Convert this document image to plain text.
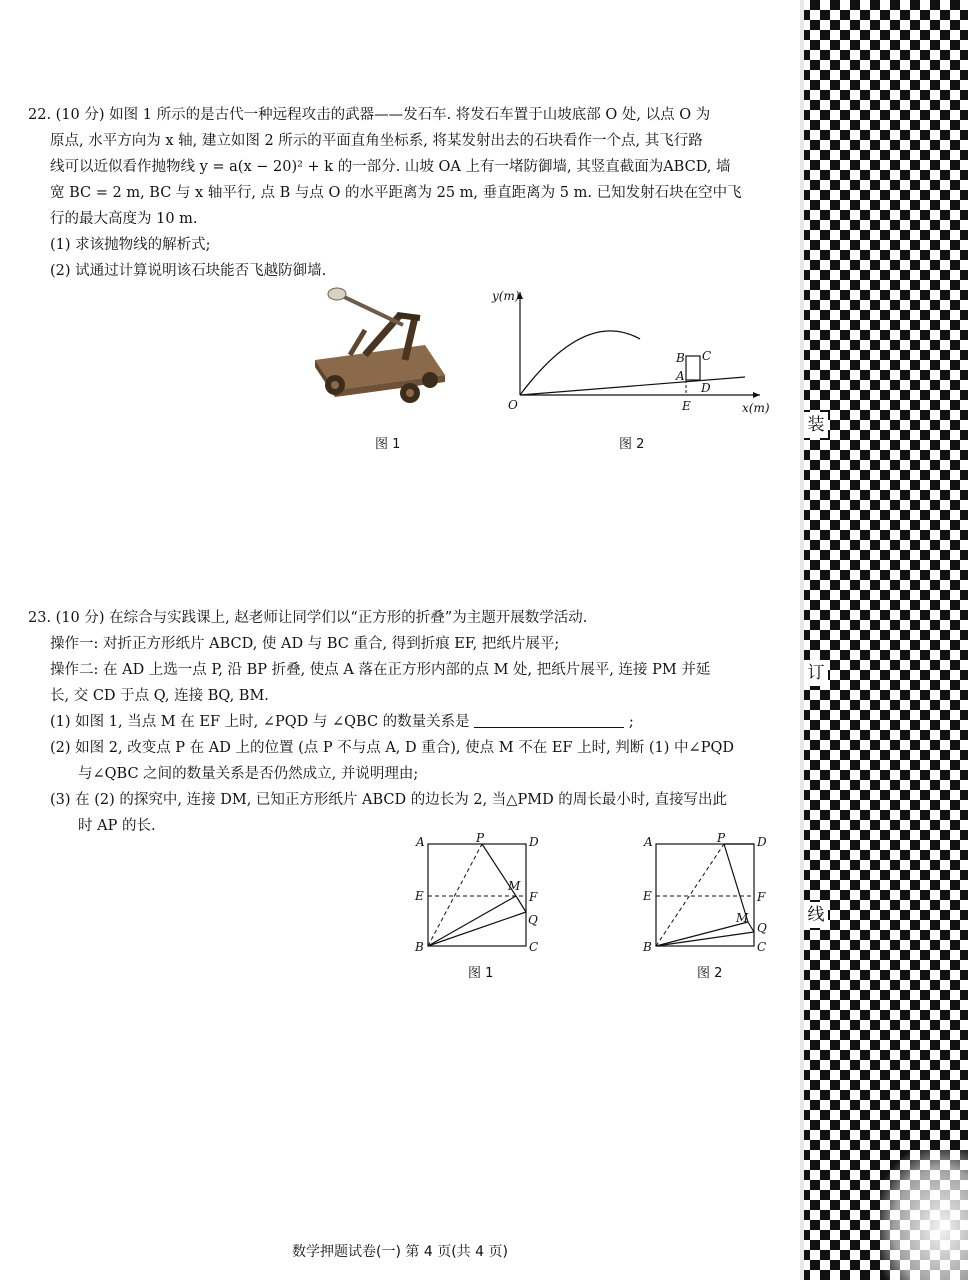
装
订
线

22. (10 分) 如图 1 所示的是古代一种远程攻击的武器——发石车. 将发石车置于山坡底部 O 处, 以点 O 为

原点, 水平方向为 x 轴, 建立如图 2 所示的平面直角坐标系, 将某发射出去的石块看作一个点, 其飞行路

线可以近似看作抛物线 y = a(x − 20)² + k 的一部分. 山坡 OA 上有一堵防御墙, 其竖直截面为ABCD, 墙

宽 BC = 2 m, BC 与 x 轴平行, 点 B 与点 O 的水平距离为 25 m, 垂直距离为 5 m. 已知发射石块在空中飞

行的最大高度为 10 m.

(1) 求该抛物线的解析式;

(2) 试通过计算说明该石块能否飞越防御墙.

图 1
y(m)
x(m)
O
B C
A
D
E
图 2

23. (10 分) 在综合与实践课上, 赵老师让同学们以“正方形的折叠”为主题开展数学活动.

操作一: 对折正方形纸片 ABCD, 使 AD 与 BC 重合, 得到折痕 EF, 把纸片展平;

操作二: 在 AD 上选一点 P, 沿 BP 折叠, 使点 A 落在正方形内部的点 M 处, 把纸片展平, 连接 PM 并延

长, 交 CD 于点 Q, 连接 BQ, BM.

(1) 如图 1, 当点 M 在 EF 上时, ∠PQD 与 ∠QBC 的数量关系是	;

(2) 如图 2, 改变点 P 在 AD 上的位置 (点 P 不与点 A, D 重合), 使点 M 不在 EF 上时, 判断 (1) 中∠PQD

与∠QBC 之间的数量关系是否仍然成立, 并说明理由;

(3) 在 (2) 的探究中, 连接 DM, 已知正方形纸片 ABCD 的边长为 2, 当△PMD 的周长最小时, 直接写出此

时 AP 的长.

A	P	D
E	F
M
Q
B	C
图 1
A	P	D
E	F
M
Q
B	C
图 2
数学押题试卷(一) 第 4 页(共 4 页)
